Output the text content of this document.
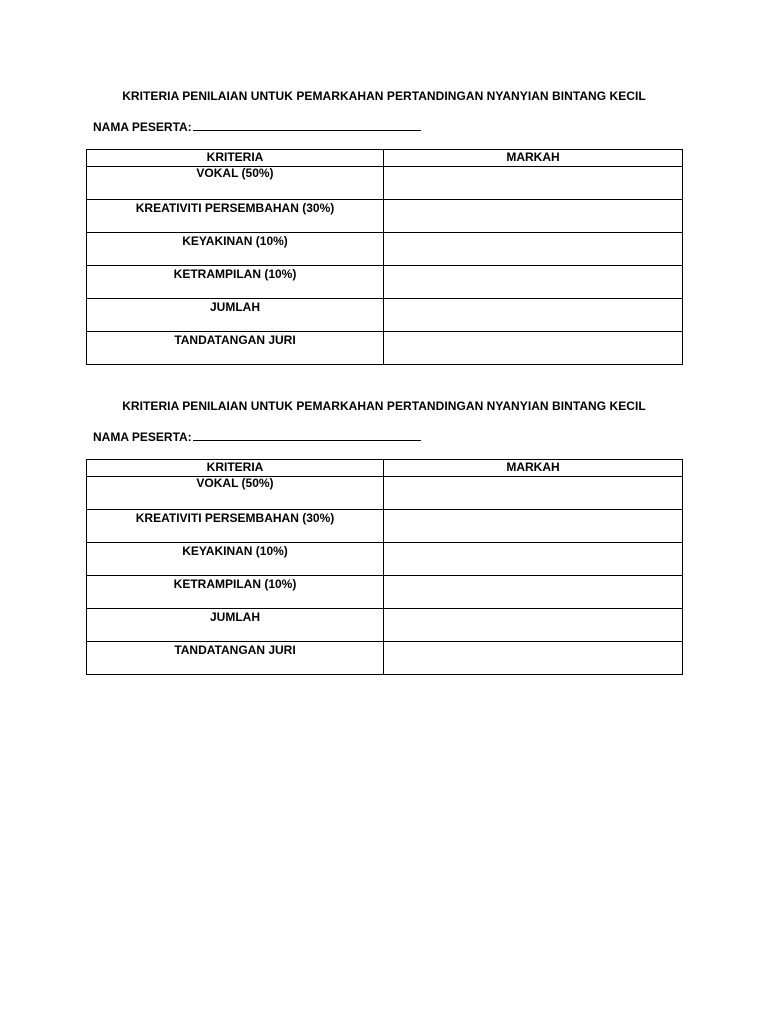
KRITERIA PENILAIAN UNTUK PEMARKAHAN PERTANDINGAN NYANYIAN BINTANG KECIL
NAMA PESERTA:
KRITERIA	MARKAH

VOKAL (50%)	

KREATIVITI PERSEMBAHAN (30%)	

KEYAKINAN (10%)	

KETRAMPILAN (10%)	

JUMLAH	

TANDATANGAN JURI	

KRITERIA PENILAIAN UNTUK PEMARKAHAN PERTANDINGAN NYANYIAN BINTANG KECIL
NAMA PESERTA:
KRITERIA	MARKAH

VOKAL (50%)	

KREATIVITI PERSEMBAHAN (30%)	

KEYAKINAN (10%)	

KETRAMPILAN (10%)	

JUMLAH	

TANDATANGAN JURI	
